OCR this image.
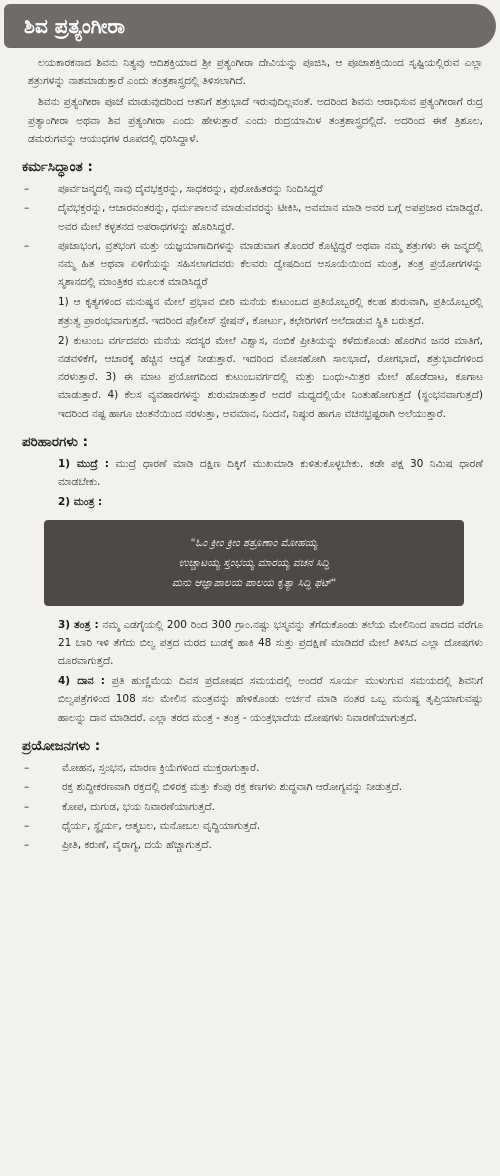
ಶಿವ ಪ್ರತ್ಯಂಗೀರಾ

ಲಯಕಾರಕನಾದ ಶಿವನು ನಿತ್ಯವು ಆದಿಶಕ್ತಿಯಾದ ಶ್ರೀ ಪ್ರತ್ಯಂಗೀರಾ ದೇವಿಯನ್ನು ಪೂಜಿಸಿ, ಆ ಪೂಜಾಶಕ್ತಿಯಿಂದ ಸೃಷ್ಟಿಯಲ್ಲಿರುವ ಎಲ್ಲಾ ಶತ್ರುಗಳನ್ನು ನಾಶಮಾಡುತ್ತಾರೆ ಎಂದು ತಂತ್ರಶಾಸ್ತ್ರದಲ್ಲಿ ತಿಳಿಸಲಾಗಿದೆ.

ಶಿವನು ಪ್ರತ್ಯಂಗೀರಾ ಪೂಜೆ ಮಾಡುವುದರಿಂದ ಆತನಿಗೆ ಶತ್ರುಭಾದೆ ಇರುವುದಿಲ್ಲವಂತೆ. ಅದರಿಂದ ಶಿವನು ಆರಾಧಿಸುವ ಪ್ರತ್ಯಂಗೀರಾಗೆ ರುದ್ರ ಪ್ರತ್ಯಾಂಗೀರಾ ಅಥವಾ ಶಿವ ಪ್ರತ್ಯಂಗೀರಾ ಎಂದು ಹೇಳುತ್ತಾರೆ ಎಂದು ರುದ್ರಯಾಮಿಳ ತಂತ್ರಶಾಸ್ತ್ರದಲ್ಲಿದೆ. ಅದರಿಂದ ಈಕೆ ತ್ರಿಶೂಲ, ಡಮರುಗವನ್ನು ಆಯುಧಗಳ ರೂಪದಲ್ಲಿ ಧರಿಸಿದ್ದಾಳೆ.

ಕರ್ಮಸಿದ್ಧಾಂತ :
– ಪೂರ್ವಜನ್ಮದಲ್ಲಿ ನಾವು ದೈವಭಕ್ತರನ್ನು, ಸಾಧಕರನ್ನು, ಪುರೋಹಿತರನ್ನು ನಿಂದಿಸಿದ್ದರೆ
– ದೈವಭಕ್ತರನ್ನು, ಆಚಾರವಂತರನ್ನು, ಧರ್ಮಪಾಲನೆ ಮಾಡುವವರನ್ನು ಟೀಕಿಸಿ, ಅವಮಾನ ಮಾಡಿ ಅವರ ಬಗ್ಗೆ ಅಪಪ್ರಚಾರ ಮಾಡಿದ್ದರೆ. ಅವರ ಮೇಲೆ ಕಳ್ಳತನದ ಅಪರಾಧಗಳನ್ನು ಹೊರಿಸಿದ್ದರೆ.
– ಪೂಜಾಭಂಗ, ವ್ರತಭಂಗ ಮತ್ತು ಯಜ್ಞಯಾಗಾದಿಗಳನ್ನು ಮಾಡುವಾಗ ತೊಂದರೆ ಕೊಟ್ಟಿದ್ದರೆ ಅಥವಾ ನಮ್ಮ ಶತ್ರುಗಳು ಈ ಜನ್ಮದಲ್ಲಿ ನಮ್ಮ ಹಿತ ಅಥವಾ ಏಳಿಗೆಯನ್ನು ಸಹಿಸಲಾಗದವರು ಕೆಲವರು ದ್ವೇಷದಿಂದ ಅಸೂಯೆಯಿಂದ ಮಂತ್ರ, ತಂತ್ರ ಪ್ರಯೋಗಗಳನ್ನು ಸ್ಮಶಾನದಲ್ಲಿ ಮಾಂತ್ರಿಕರ ಮೂಲಕ ಮಾಡಿಸಿದ್ದರೆ

1) ಆ ಕೃತ್ಯಗಳಿಂದ ಮನುಷ್ಯನ ಮೇಲೆ ಪ್ರಭಾವ ಬೀರಿ ಮನೆಯ ಕುಟುಂಬದ ಪ್ರತಿಯೊಬ್ಬರಲ್ಲಿ ಕಲಹ ಶುರುವಾಗಿ, ಪ್ರತಿಯೊಬ್ಬರಲ್ಲಿ ಶತ್ರುತ್ವ ಪ್ರಾರಂಭವಾಗುತ್ತದೆ. ಇದರಿಂದ ಪೊಲೀಸ್ ಸ್ಟೇಷನ್, ಕೋರ್ಟು, ಕಛೇರಿಗಳಿಗೆ ಅಲೆದಾಡುವ ಸ್ಥಿತಿ ಬರುತ್ತದೆ.

2) ಕುಟುಂಬ ವರ್ಗದವರು ಮನೆಯ ಸದಸ್ಯರ ಮೇಲೆ ವಿಶ್ವಾಸ, ನಂಬಿಕೆ ಪ್ರೀತಿಯನ್ನು ಕಳೆದುಕೊಂಡು ಹೊರಗಿನ ಜನರ ಮಾತಿಗೆ, ನಡವಳಿಕೆಗೆ, ಆಚಾರಕ್ಕೆ ಹೆಚ್ಚಿನ ಆದ್ಯತೆ ನೀಡುತ್ತಾರೆ. ಇದರಿಂದ ಮೋಸಹೋಗಿ ಸಾಲಭಾದೆ, ರೋಗಭಾದೆ, ಶತ್ರುಭಾದೆಗಳಿಂದ ನರಳುತ್ತಾರೆ. 3) ಈ ಮಾಟ ಪ್ರಯೋಗದಿಂದ ಕುಟುಂಬವರ್ಗದಲ್ಲಿ ಮತ್ತು ಬಂಧು-ಮಿತ್ರರ ಮೇಲೆ ಹೊಡೆದಾಟ, ಕೂಗಾಟ ಮಾಡುತ್ತಾರೆ. 4) ಕೆಲಸ ವ್ಯವಹಾರಗಳನ್ನು ಶುರುಮಾಡುತ್ತಾರೆ ಅದರೆ ಮಧ್ಯದಲ್ಲಿಯೇ ನಿಂತುಹೋಗುತ್ತದೆ (ಸ್ಥಂಭನವಾಗುತ್ತದೆ) ಇದರಿಂದ ನಷ್ಟ ಹಾಗೂ ಚಿಂತನೆಯಿಂದ ನರಳುತ್ತಾ, ಅವಮಾನ, ನಿಂದನೆ, ನಿಷ್ಠುರ ಹಾಗೂ ವಚನಭ್ರಷ್ಟರಾಗಿ ಅಲೆಯುತ್ತಾರೆ.

ಪರಿಹಾರಗಳು :

1) ಮುದ್ರೆ : ಮುದ್ರೆ ಧಾರಣೆ ಮಾಡಿ ದಕ್ಷಿಣ ದಿಕ್ಕಿಗೆ ಮುಖಮಾಡಿ ಕುಳಿತುಕೊಳ್ಳಬೇಕು. ಕಡೇ ಪಕ್ಷ 30 ನಿಮಿಷ ಧಾರಣೆ ಮಾಡಬೇಕು.

2) ಮಂತ್ರ :

"ಓಂ ಕ್ರೀಂ ಕ್ರೀಂ ಶತ್ರೂಣಾಂ ಮೋಹಯ್ಯ
ಉಚ್ಚಾಟಯ್ಯ ಸ್ತಂಭಯ್ಯ ಮಾರಯ್ಯ ವಚನ ಸಿದ್ಧಿ
ಮನು ಆಜ್ಞಾಪಾಲಯ ಪಾಲಯ ಕೃತ್ಯಾ ಸಿದ್ಧಿ ಫಟ್"

3) ತಂತ್ರ : ನಮ್ಮ ಎಡಗೈಯಲ್ಲಿ 200 ರಿಂದ 300 ಗ್ರಾಂ.ನಷ್ಟು ಭಸ್ಮವನ್ನು ತೆಗೆದುಕೊಂಡು ತಲೆಯ ಮೇಲಿನಿಂದ ಪಾದದ ವರೆಗೂ 21 ಬಾರಿ ಇಳಿ ತೆಗೆದು ಬಿಲ್ವ ಪತ್ರದ ಮರದ ಬುಡಕ್ಕೆ ಹಾಕಿ 48 ಸುತ್ತು ಪ್ರದಕ್ಷಿಣೆ ಮಾಡಿದರೆ ಮೇಲೆ ತಿಳಿಸಿದ ಎಲ್ಲಾ ದೋಷಗಳು ದೂರವಾಗುತ್ತದೆ.

4) ದಾನ : ಪ್ರತಿ ಹುಣ್ಣಿಮೆಯ ದಿವಸ ಪ್ರದೋಷದ ಸಮಯದಲ್ಲಿ ಅಂದರೆ ಸೂರ್ಯ ಮುಳುಗುವ ಸಮಯದಲ್ಲಿ ಶಿವನಿಗೆ ಬಿಲ್ವಪತ್ರೆಗಳಿಂದ 108 ಸಲ ಮೇಲಿನ ಮಂತ್ರವನ್ನು ಹೇಳಿಕೊಂಡು ಅರ್ಚನೆ ಮಾಡಿ ನಂತರ ಒಬ್ಬ ಮನುಷ್ಯ ತೃಪ್ತಿಯಾಗುವಷ್ಟು ಹಾಲನ್ನು ದಾನ ಮಾಡಿದರೆ. ಎಲ್ಲಾ ತರದ ಮಂತ್ರ - ತಂತ್ರ - ಯಂತ್ರಭಾದೆಯ ದೋಷಗಳು ನಿವಾರಣೆಯಾಗುತ್ತದೆ.

ಪ್ರಯೋಜನಗಳು :
– ಮೋಹನ, ಸ್ತಂಭನ, ಮಾರಣ ಕ್ರಿಯೆಗಳಿಂದ ಮುಕ್ತರಾಗುತ್ತಾರೆ.
– ರಕ್ತ ಶುದ್ಧೀಕರಣವಾಗಿ ರಕ್ತದಲ್ಲಿ ಬಿಳಿರಕ್ತ ಮತ್ತು ಕೆಂಪು ರಕ್ತ ಕಣಗಳು ಶುದ್ಧವಾಗಿ ಆರೋಗ್ಯವನ್ನು ನೀಡುತ್ತದೆ.
– ಕೋಪ, ದುಗುಡ, ಭಯ ನಿವಾರಣೆಯಾಗುತ್ತದೆ.
– ಧೈರ್ಯ, ಸ್ಥೈರ್ಯ, ಆತ್ಮಬಲ, ಮನೋಬಲ ವೃದ್ಧಿಯಾಗುತ್ತದೆ.
– ಪ್ರೀತಿ, ಕರುಣೆ, ವೈರಾಗ್ಯ, ದಯೆ ಹೆಚ್ಚಾಗುತ್ತದೆ.
